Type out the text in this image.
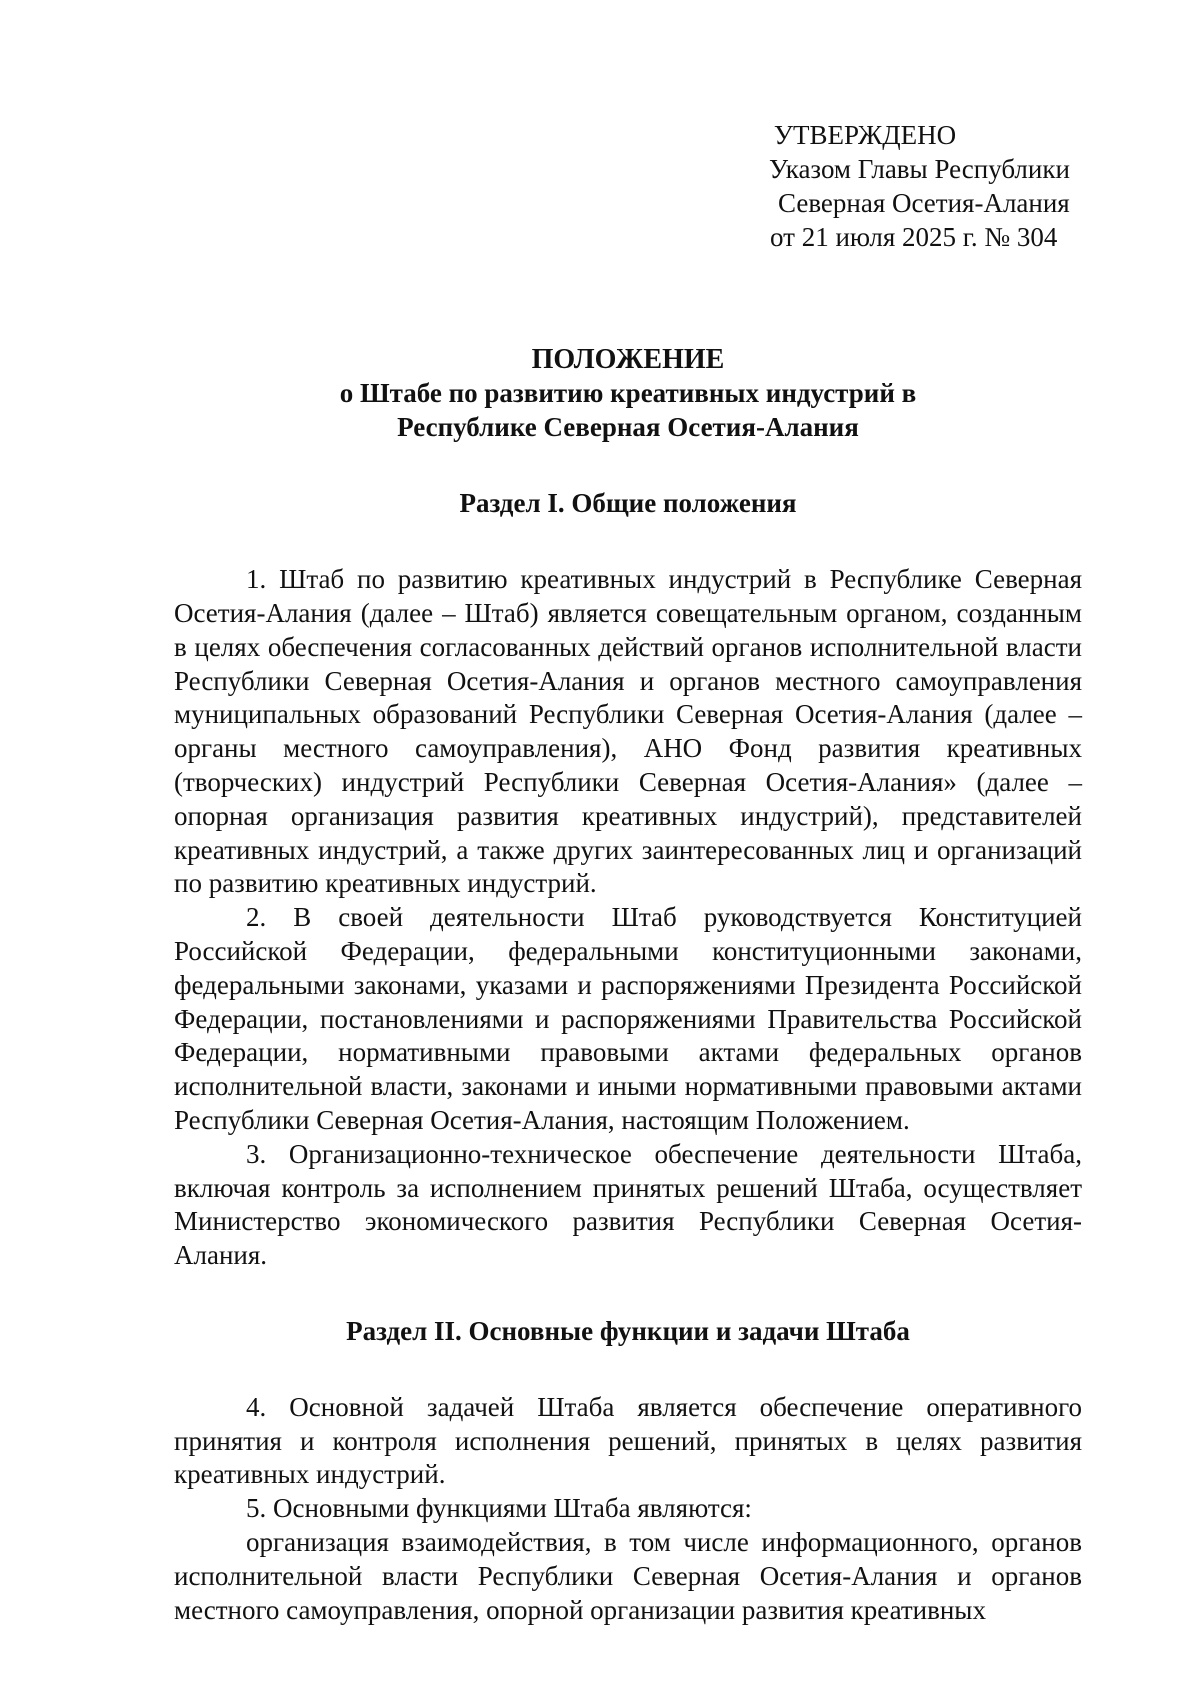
УТВЕРЖДЕНО
Указом Главы Республики
Северная Осетия-Алания
от 21 июля 2025 г. № 304
ПОЛОЖЕНИЕ
о Штабе по развитию креативных индустрий в
Республике Северная Осетия-Алания
Раздел I. Общие положения

1. Штаб по развитию креативных индустрий в Республике Северная Осетия-Алания (далее – Штаб) является совещательным органом, созданным в целях обеспечения согласованных действий органов исполнительной власти Республики Северная Осетия-Алания и органов местного самоуправления муниципальных образований Республики Северная Осетия-Алания (далее – органы местного самоуправления), АНО Фонд развития креативных (творческих) индустрий Республики Северная Осетия-Алания» (далее – опорная организация развития креативных индустрий), представителей креативных индустрий, а также других заинтересованных лиц и организаций по развитию креативных индустрий.

2. В своей деятельности Штаб руководствуется Конституцией Российской Федерации, федеральными конституционными законами, федеральными законами, указами и распоряжениями Президента Российской Федерации, постановлениями и распоряжениями Правительства Российской Федерации, нормативными правовыми актами федеральных органов исполнительной власти, законами и иными нормативными правовыми актами Республики Северная Осетия-Алания, настоящим Положением.

3. Организационно-техническое обеспечение деятельности Штаба, включая контроль за исполнением принятых решений Штаба, осуществляет Министерство экономического развития Республики Северная Осетия-Алания.

Раздел II. Основные функции и задачи Штаба

4. Основной задачей Штаба является обеспечение оперативного принятия и контроля исполнения решений, принятых в целях развития креативных индустрий.

5. Основными функциями Штаба являются:

организация взаимодействия, в том числе информационного, органов исполнительной власти Республики Северная Осетия-Алания и органов местного самоуправления, опорной организации развития креативных
